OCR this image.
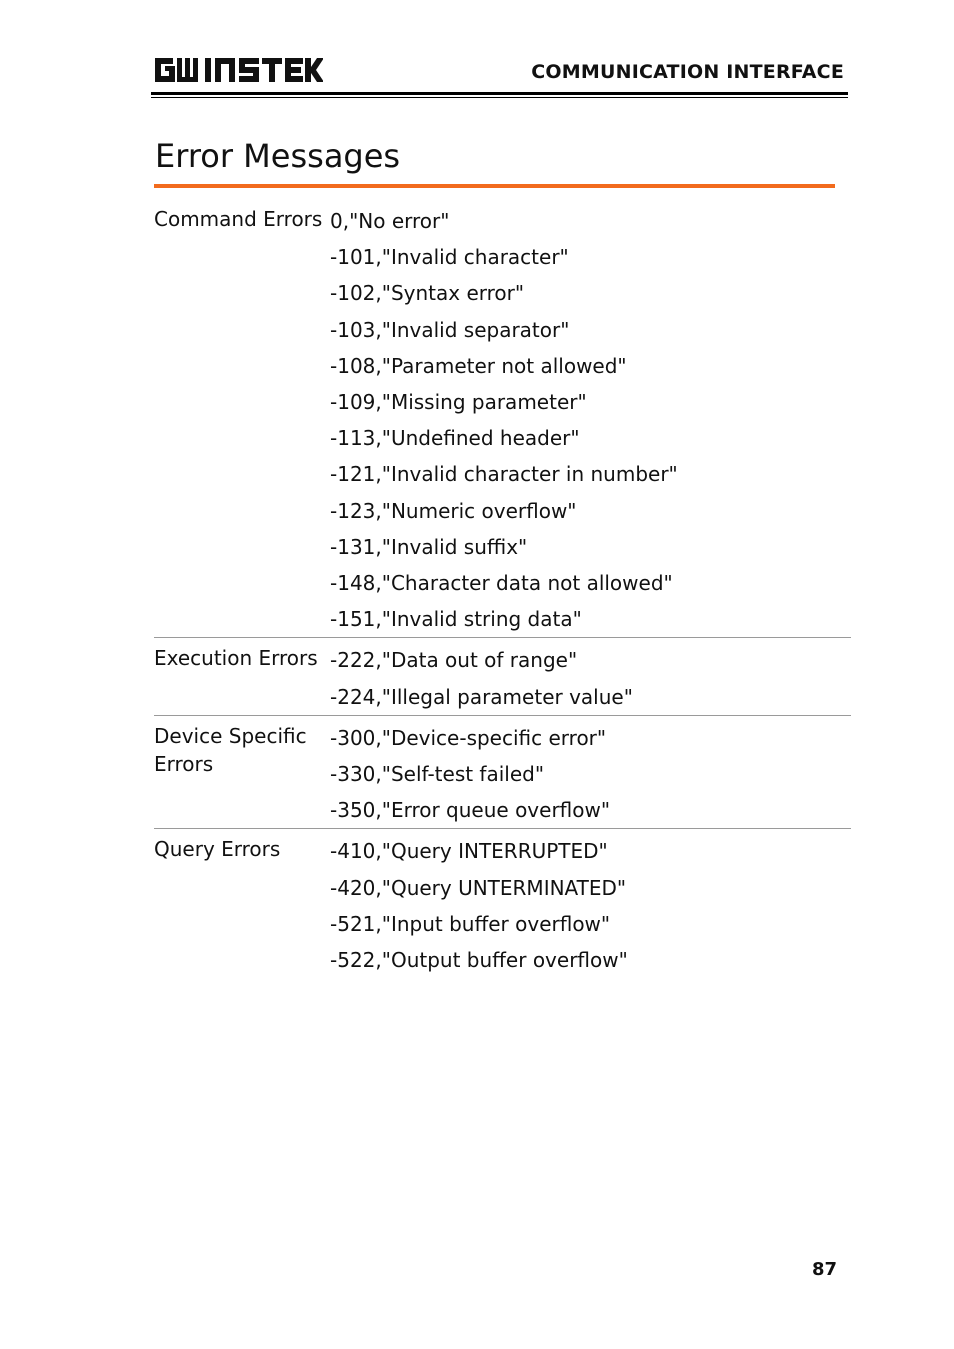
COMMUNICATION INTERFACE
Error Messages
Command Errors 0,"No error"
-101,"Invalid character"
-102,"Syntax error"
-103,"Invalid separator"
-108,"Parameter not allowed"
-109,"Missing parameter"
-113,"Undefined header"
-121,"Invalid character in number"
-123,"Numeric overflow"
-131,"Invalid suffix"
-148,"Character data not allowed"
-151,"Invalid string data"
Execution Errors -222,"Data out of range"
-224,"Illegal parameter value"
Device Specific Errors
-300,"Device-specific error"
-330,"Self-test failed"
-350,"Error queue overflow"
Query Errors	-410,"Query INTERRUPTED"
-420,"Query UNTERMINATED"
-521,"Input buffer overflow"
-522,"Output buffer overflow"
87
